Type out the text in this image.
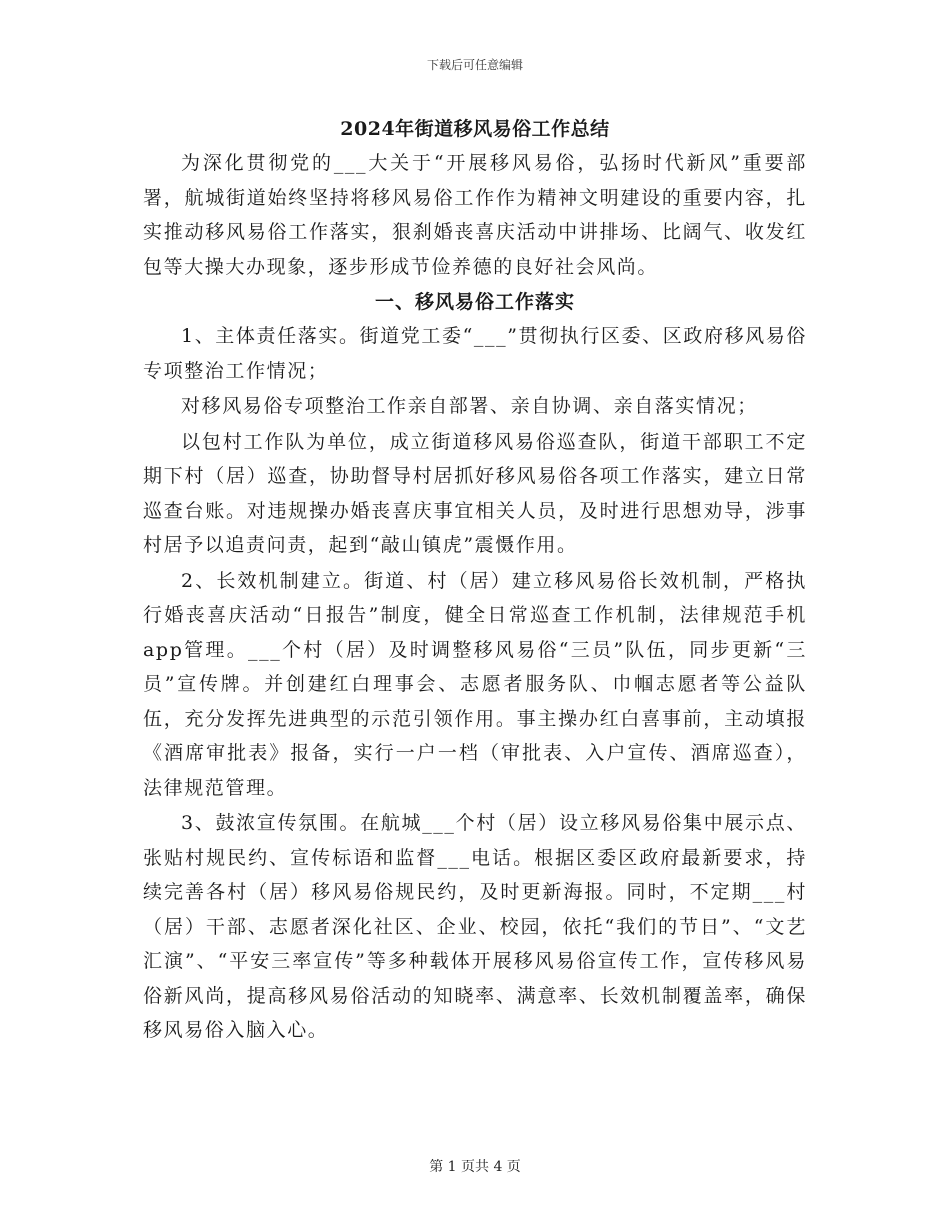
下载后可任意编辑
2024年街道移风易俗工作总结

为深化贯彻党的___大关于“开展移风易俗，弘扬时代新风”重要部署，航城街道始终坚持将移风易俗工作作为精神文明建设的重要内容，扎实推动移风易俗工作落实，狠刹婚丧喜庆活动中讲排场、比阔气、收发红包等大操大办现象，逐步形成节俭养德的良好社会风尚。

一、移风易俗工作落实

1、主体责任落实。街道党工委“___”贯彻执行区委、区政府移风易俗专项整治工作情况；

对移风易俗专项整治工作亲自部署、亲自协调、亲自落实情况；

以包村工作队为单位，成立街道移风易俗巡查队，街道干部职工不定期下村（居）巡查，协助督导村居抓好移风易俗各项工作落实，建立日常巡查台账。对违规操办婚丧喜庆事宜相关人员，及时进行思想劝导，涉事村居予以追责问责，起到“敲山镇虎”震慑作用。

2、长效机制建立。街道、村（居）建立移风易俗长效机制，严格执行婚丧喜庆活动“日报告”制度，健全日常巡查工作机制，法律规范手机app管理。___个村（居）及时调整移风易俗“三员”队伍，同步更新“三员”宣传牌。并创建红白理事会、志愿者服务队、巾帼志愿者等公益队伍，充分发挥先进典型的示范引领作用。事主操办红白喜事前，主动填报《酒席审批表》报备，实行一户一档（审批表、入户宣传、酒席巡查），法律规范管理。

3、鼓浓宣传氛围。在航城___个村（居）设立移风易俗集中展示点、张贴村规民约、宣传标语和监督___电话。根据区委区政府最新要求，持续完善各村（居）移风易俗规民约，及时更新海报。同时，不定期___村（居）干部、志愿者深化社区、企业、校园，依托“我们的节日”、“文艺汇演”、“平安三率宣传”等多种载体开展移风易俗宣传工作，宣传移风易俗新风尚，提高移风易俗活动的知晓率、满意率、长效机制覆盖率，确保移风易俗入脑入心。

第 1 页共 4 页
